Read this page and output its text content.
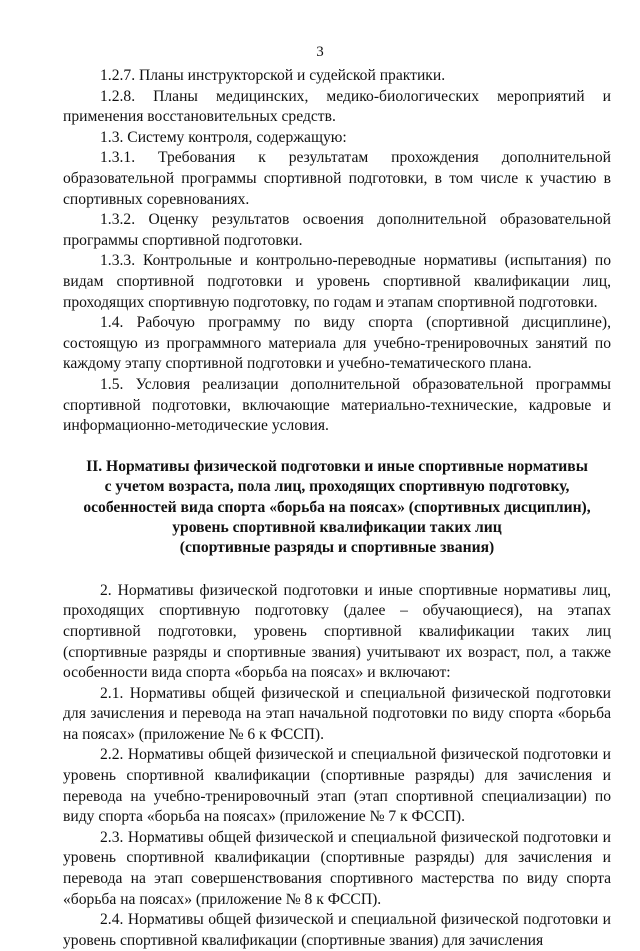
3

1.2.7. Планы инструкторской и судейской практики.

1.2.8. Планы медицинских, медико-биологических мероприятий и применения восстановительных средств.

1.3. Систему контроля, содержащую:

1.3.1. Требования к результатам прохождения дополнительной образовательной программы спортивной подготовки, в том числе к участию в спортивных соревнованиях.

1.3.2. Оценку результатов освоения дополнительной образовательной программы спортивной подготовки.

1.3.3. Контрольные и контрольно-переводные нормативы (испытания) по видам спортивной подготовки и уровень спортивной квалификации лиц, проходящих спортивную подготовку, по годам и этапам спортивной подготовки.

1.4. Рабочую программу по виду спорта (спортивной дисциплине), состоящую из программного материала для учебно-тренировочных занятий по каждому этапу спортивной подготовки и учебно-тематического плана.

1.5. Условия реализации дополнительной образовательной программы спортивной подготовки, включающие материально-технические, кадровые и информационно-методические условия.

II. Нормативы физической подготовки и иные спортивные нормативы
с учетом возраста, пола лиц, проходящих спортивную подготовку,
особенностей вида спорта «борьба на поясах» (спортивных дисциплин),
уровень спортивной квалификации таких лиц
(спортивные разряды и спортивные звания)

2. Нормативы физической подготовки и иные спортивные нормативы лиц, проходящих спортивную подготовку (далее – обучающиеся), на этапах спортивной подготовки, уровень спортивной квалификации таких лиц (спортивные разряды и спортивные звания) учитывают их возраст, пол, а также особенности вида спорта «борьба на поясах» и включают:

2.1. Нормативы общей физической и специальной физической подготовки для зачисления и перевода на этап начальной подготовки по виду спорта «борьба на поясах» (приложение № 6 к ФССП).

2.2. Нормативы общей физической и специальной физической подготовки и уровень спортивной квалификации (спортивные разряды) для зачисления и перевода на учебно-тренировочный этап (этап спортивной специализации) по виду спорта «борьба на поясах» (приложение № 7 к ФССП).

2.3. Нормативы общей физической и специальной физической подготовки и уровень спортивной квалификации (спортивные разряды) для зачисления и перевода на этап совершенствования спортивного мастерства по виду спорта «борьба на поясах» (приложение № 8 к ФССП).

2.4. Нормативы общей физической и специальной физической подготовки и уровень спортивной квалификации (спортивные звания) для зачисления
